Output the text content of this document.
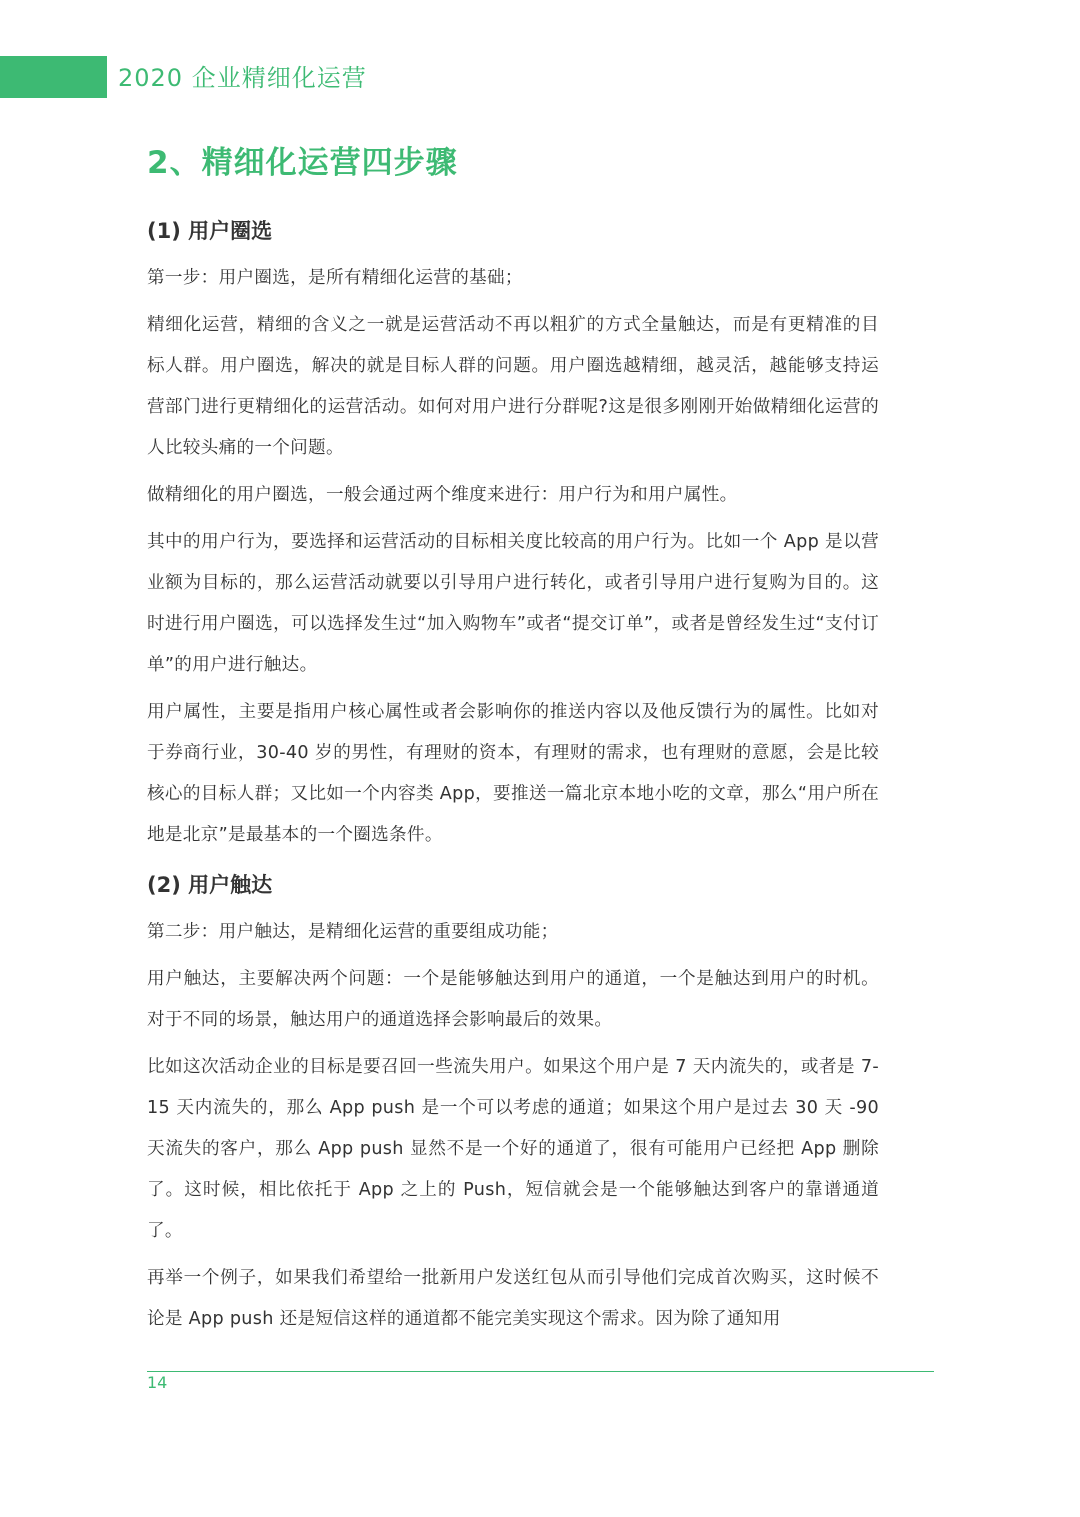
2020 企业精细化运营
2、精细化运营四步骤
(1) 用户圈选

第一步：用户圈选，是所有精细化运营的基础；

精细化运营，精细的含义之一就是运营活动不再以粗犷的方式全量触达，而是有更精准的目标人群。用户圈选，解决的就是目标人群的问题。用户圈选越精细，越灵活，越能够支持运营部门进行更精细化的运营活动。如何对用户进行分群呢?这是很多刚刚开始做精细化运营的人比较头痛的一个问题。

做精细化的用户圈选，一般会通过两个维度来进行：用户行为和用户属性。

其中的用户行为，要选择和运营活动的目标相关度比较高的用户行为。比如一个 App 是以营业额为目标的，那么运营活动就要以引导用户进行转化，或者引导用户进行复购为目的。这时进行用户圈选，可以选择发生过“加入购物车”或者“提交订单”，或者是曾经发生过“支付订单”的用户进行触达。

用户属性，主要是指用户核心属性或者会影响你的推送内容以及他反馈行为的属性。比如对于券商行业，30-40 岁的男性，有理财的资本，有理财的需求，也有理财的意愿，会是比较核心的目标人群；又比如一个内容类 App，要推送一篇北京本地小吃的文章，那么“用户所在地是北京”是最基本的一个圈选条件。

(2) 用户触达

第二步：用户触达，是精细化运营的重要组成功能；

用户触达，主要解决两个问题：一个是能够触达到用户的通道，一个是触达到用户的时机。对于不同的场景，触达用户的通道选择会影响最后的效果。

比如这次活动企业的目标是要召回一些流失用户。如果这个用户是 7 天内流失的，或者是 7-15 天内流失的，那么 App push 是一个可以考虑的通道；如果这个用户是过去 30 天 -90 天流失的客户，那么 App push 显然不是一个好的通道了，很有可能用户已经把 App 删除了。这时候，相比依托于 App 之上的 Push，短信就会是一个能够触达到客户的靠谱通道了。

再举一个例子，如果我们希望给一批新用户发送红包从而引导他们完成首次购买，这时候不论是 App push 还是短信这样的通道都不能完美实现这个需求。因为除了通知用

14
